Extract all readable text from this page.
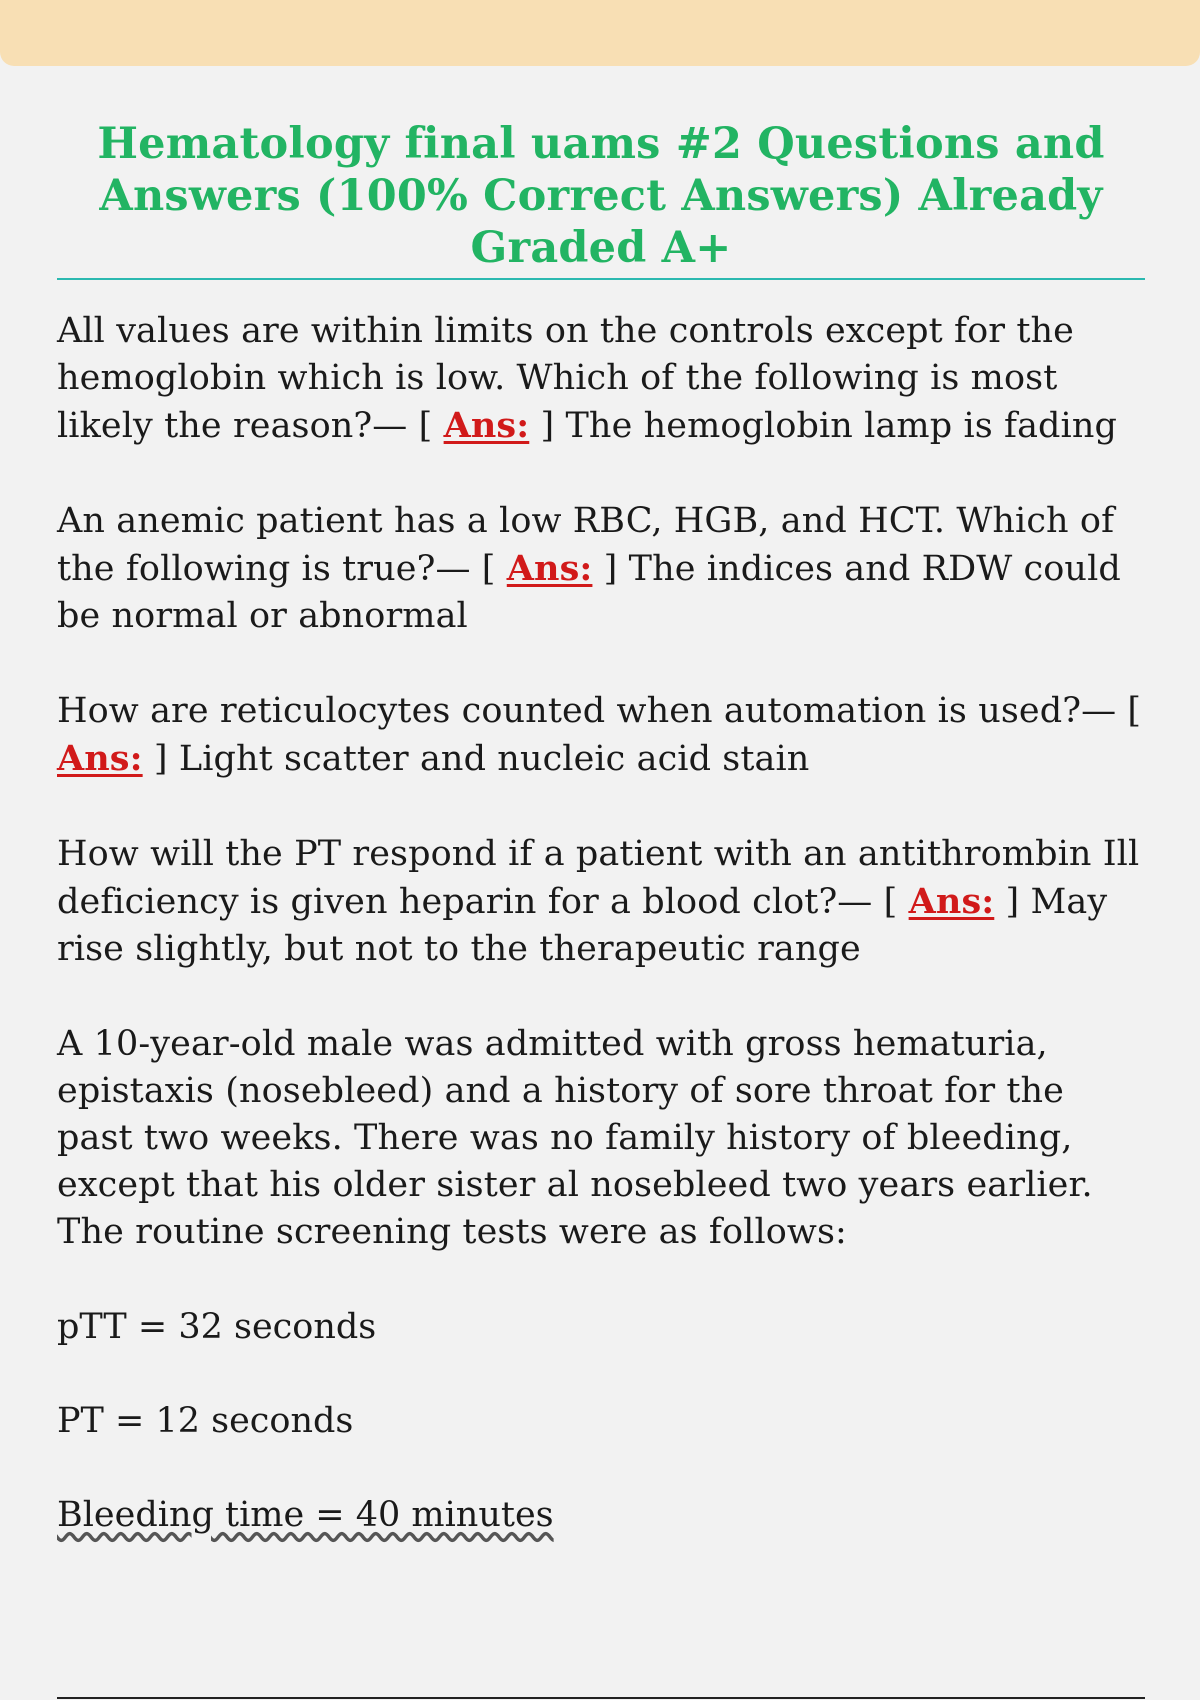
Hematology final uams #2 Questions and Answers (100% Correct Answers) Already Graded A+
All values are within limits on the controls except for the hemoglobin which is low. Which of the following is most likely the reason?— [ Ans: ] The hemoglobin lamp is fading
An anemic patient has a low RBC, HGB, and HCT. Which of the following is true?— [ Ans: ] The indices and RDW could be normal or abnormal
How are reticulocytes counted when automation is used?— [ Ans: ] Light scatter and nucleic acid stain
How will the PT respond if a patient with an antithrombin Ill deficiency is given heparin for a blood clot?— [ Ans: ] May rise slightly, but not to the therapeutic range
A 10-year-old male was admitted with gross hematuria, epistaxis (nosebleed) and a history of sore throat for the past two weeks. There was no family history of bleeding, except that his older sister al nosebleed two years earlier. The routine screening tests were as follows:
pTT = 32 seconds
PT = 12 seconds
Bleeding time = 40 minutes
